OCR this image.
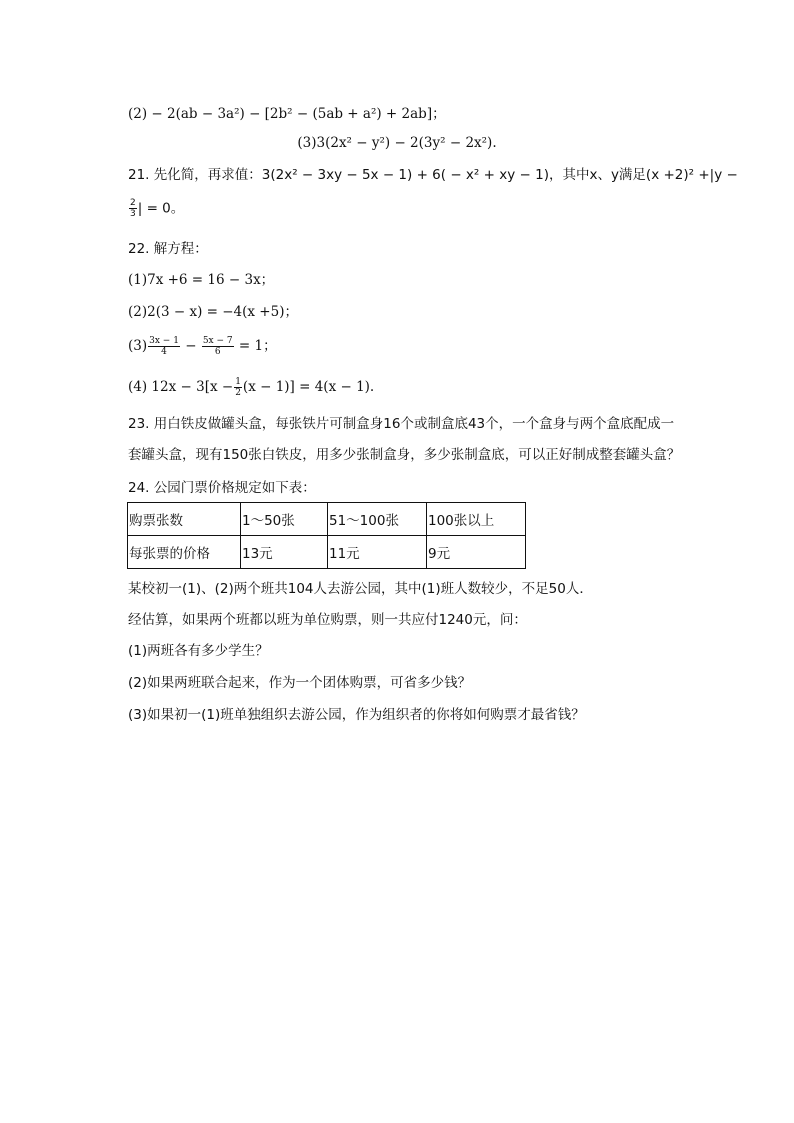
(2) − 2(ab − 3a²) − [2b² − (5ab + a²) + 2ab]；
(3)3(2x² − y²) − 2(3y² − 2x²).
21. 先化简，再求值：3(2x² − 3xy − 5x − 1) + 6( − x² + xy − 1)，其中x、y满足(x +2)² +|y −
$\frac{2}{3}$ | = 0。
22. 解方程：
(1)7x +6 = 16 − 3x；
(2)2(3 − x) = −4(x +5)；
$(3) \frac{3x - 1}{4} - \frac{5x - 7}{6} = 1$；
(4) $12x - 3[x - \frac{1}{2} (x - 1)] = 4(x - 1)$.
23. 用白铁皮做罐头盒，每张铁片可制盒身16个或制盒底43个，一个盒身与两个盒底配成一
套罐头盒，现有150张白铁皮，用多少张制盒身，多少张制盒底，可以正好制成整套罐头盒？
24. 公园门票价格规定如下表：
购票张数	1～50张	51～100张	100张以上
每张票的价格	13元	11元	9元
某校初一(1)、(2)两个班共104人去游公园，其中(1)班人数较少，不足50人．
经估算，如果两个班都以班为单位购票，则一共应付1240元，问：
(1)两班各有多少学生？
(2)如果两班联合起来，作为一个团体购票，可省多少钱？
(3)如果初一(1)班单独组织去游公园，作为组织者的你将如何购票才最省钱？
